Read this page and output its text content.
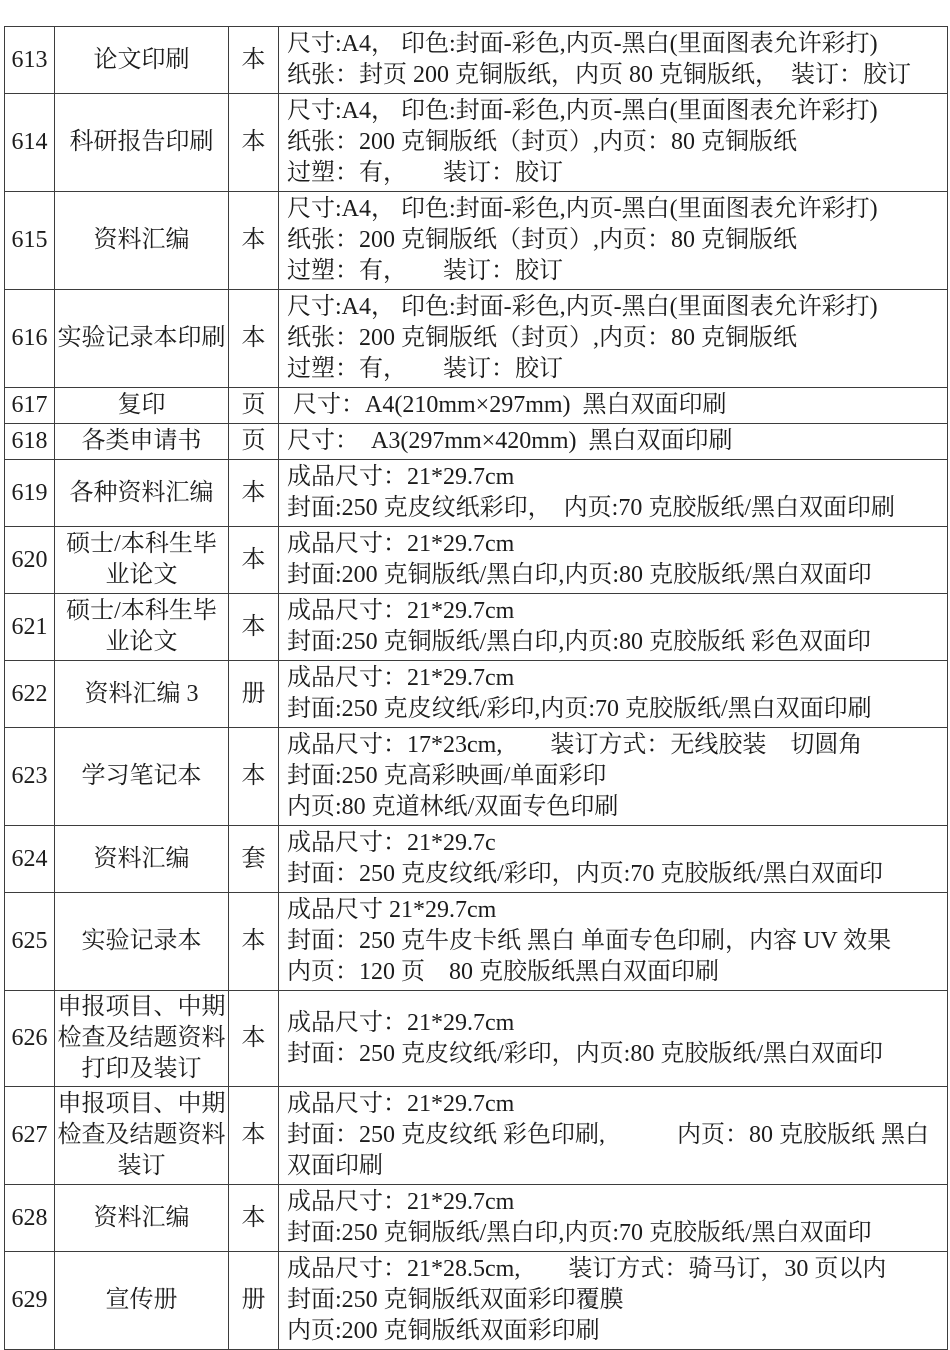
613	论文印刷	本	尺寸:A4， 印色:封面-彩色,内页-黑白(里面图表允许彩打)
纸张：封页 200 克铜版纸，内页 80 克铜版纸，　装订：胶订

614	科研报告印刷	本	尺寸:A4， 印色:封面-彩色,内页-黑白(里面图表允许彩打)
纸张：200 克铜版纸（封页）,内页：80 克铜版纸
过塑：有，　　装订：胶订

615	资料汇编	本	尺寸:A4， 印色:封面-彩色,内页-黑白(里面图表允许彩打)
纸张：200 克铜版纸（封页）,内页：80 克铜版纸
过塑：有，　　装订：胶订

616	实验记录本印刷	本	尺寸:A4， 印色:封面-彩色,内页-黑白(里面图表允许彩打)
纸张：200 克铜版纸（封页）,内页：80 克铜版纸
过塑：有，　　装订：胶订

617	复印	页	尺寸：A4(210mm×297mm)  黑白双面印刷

618	各类申请书	页	尺寸：  A3(297mm×420mm)  黑白双面印刷

619	各种资料汇编	本	成品尺寸：21*29.7cm
封面:250 克皮纹纸彩印，  内页:70 克胶版纸/黑白双面印刷

620	硕士/本科生毕业论文	本	成品尺寸：21*29.7cm
封面:200 克铜版纸/黑白印,内页:80 克胶版纸/黑白双面印

621	硕士/本科生毕业论文	本	成品尺寸：21*29.7cm
封面:250 克铜版纸/黑白印,内页:80 克胶版纸 彩色双面印

622	资料汇编 3	册	成品尺寸：21*29.7cm
封面:250 克皮纹纸/彩印,内页:70 克胶版纸/黑白双面印刷

623	学习笔记本	本	成品尺寸：17*23cm,　　装订方式：无线胶装　切圆角
封面:250 克高彩映画/单面彩印
内页:80 克道林纸/双面专色印刷

624	资料汇编	套	成品尺寸：21*29.7c
封面：250 克皮纹纸/彩印，内页:70 克胶版纸/黑白双面印

625	实验记录本	本	成品尺寸 21*29.7cm
封面：250 克牛皮卡纸 黑白 单面专色印刷，内容 UV 效果
内页：120 页　80 克胶版纸黑白双面印刷

626	申报项目、中期检查及结题资料打印及装订	本	成品尺寸：21*29.7cm
封面：250 克皮纹纸/彩印，内页:80 克胶版纸/黑白双面印

627	申报项目、中期检查及结题资料装订	本	成品尺寸：21*29.7cm
封面：250 克皮纹纸 彩色印刷,　　　内页：80 克胶版纸 黑白双面印刷

628	资料汇编	本	成品尺寸：21*29.7cm
封面:250 克铜版纸/黑白印,内页:70 克胶版纸/黑白双面印

629	宣传册	册	成品尺寸：21*28.5cm,　　装订方式：骑马订，30 页以内
封面:250 克铜版纸双面彩印覆膜
内页:200 克铜版纸双面彩印刷
